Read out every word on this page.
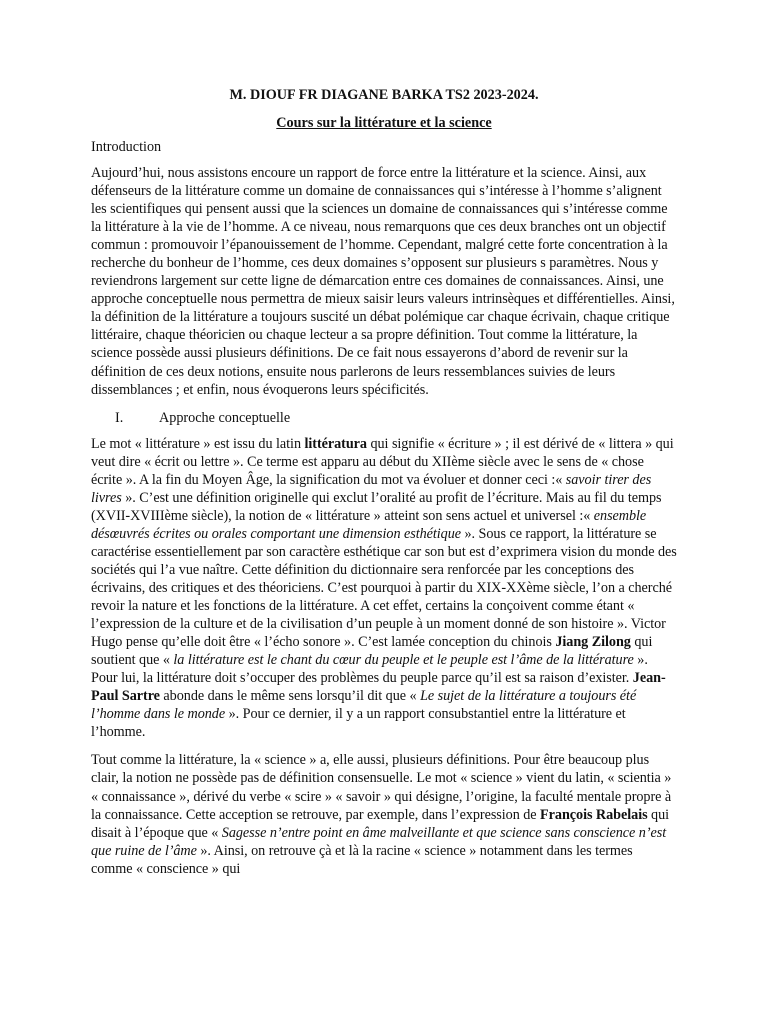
M. DIOUF FR DIAGANE BARKA TS2 2023-2024.
Cours sur la littérature et la science
Introduction

Aujourd’hui, nous assistons encoure un rapport de force entre la littérature et la science. Ainsi, aux défenseurs de la littérature comme un domaine de connaissances qui s’intéresse à l’homme s’alignent les scientifiques qui pensent aussi que la sciences un domaine de connaissances qui s’intéresse comme la littérature à la vie de l’homme. A ce niveau, nous remarquons que ces deux branches ont un objectif commun : promouvoir l’épanouissement de l’homme. Cependant, malgré cette forte concentration à la recherche du bonheur de l’homme, ces deux domaines s’opposent sur plusieurs s paramètres. Nous y reviendrons largement sur cette ligne de démarcation entre ces domaines de connaissances. Ainsi, une approche conceptuelle nous permettra de mieux saisir leurs valeurs intrinsèques et différentielles. Ainsi, la définition de la littérature a toujours suscité un débat polémique car chaque écrivain, chaque critique littéraire, chaque théoricien ou chaque lecteur a sa propre définition. Tout comme la littérature, la science possède aussi plusieurs définitions. De ce fait nous essayerons d’abord de revenir sur la définition de ces deux notions, ensuite nous parlerons de leurs ressemblances suivies de leurs dissemblances ; et enfin, nous évoquerons leurs spécificités.

I.	Approche conceptuelle

Le mot « littérature » est issu du latin littératura qui signifie « écriture » ; il est dérivé de « littera » qui veut dire « écrit ou lettre ». Ce terme est apparu au début du XIIème siècle avec le sens de « chose écrite ». A la fin du Moyen Âge, la signification du mot va évoluer et donner ceci :« savoir tirer des livres ». C’est une définition originelle qui exclut l’oralité au profit de l’écriture. Mais au fil du temps (XVII-XVIIIème siècle), la notion de « littérature » atteint son sens actuel et universel :« ensemble désœuvrés écrites ou orales comportant une dimension esthétique ». Sous ce rapport, la littérature se caractérise essentiellement par son caractère esthétique car son but est d’exprimera vision du monde des sociétés qui l’a vue naître. Cette définition du dictionnaire sera renforcée par les conceptions des écrivains, des critiques et des théoriciens. C’est pourquoi à partir du XIX-XXème siècle, l’on a cherché revoir la nature et les fonctions de la littérature. A cet effet, certains la conçoivent comme étant « l’expression de la culture et de la civilisation d’un peuple à un moment donné de son histoire ». Victor Hugo pense qu’elle doit être « l’écho sonore ». C’est lamée conception du chinois Jiang Zilong qui soutient que « la littérature est le chant du cœur du peuple et le peuple est l’âme de la littérature ». Pour lui, la littérature doit s’occuper des problèmes du peuple parce qu’il est sa raison d’exister. Jean-Paul Sartre abonde dans le même sens lorsqu’il dit que « Le sujet de la littérature a toujours été l’homme dans le monde ». Pour ce dernier, il y a un rapport consubstantiel entre la littérature et l’homme.

Tout comme la littérature, la « science » a, elle aussi, plusieurs définitions. Pour être beaucoup plus clair, la notion ne possède pas de définition consensuelle. Le mot « science » vient du latin, « scientia » « connaissance », dérivé du verbe « scire » « savoir » qui désigne, l’origine, la faculté mentale propre à la connaissance. Cette acception se retrouve, par exemple, dans l’expression de François Rabelais qui disait à l’époque que « Sagesse n’entre point en âme malveillante et que science sans conscience n’est que ruine de l’âme ». Ainsi, on retrouve çà et là la racine « science » notamment dans les termes comme « conscience » qui
